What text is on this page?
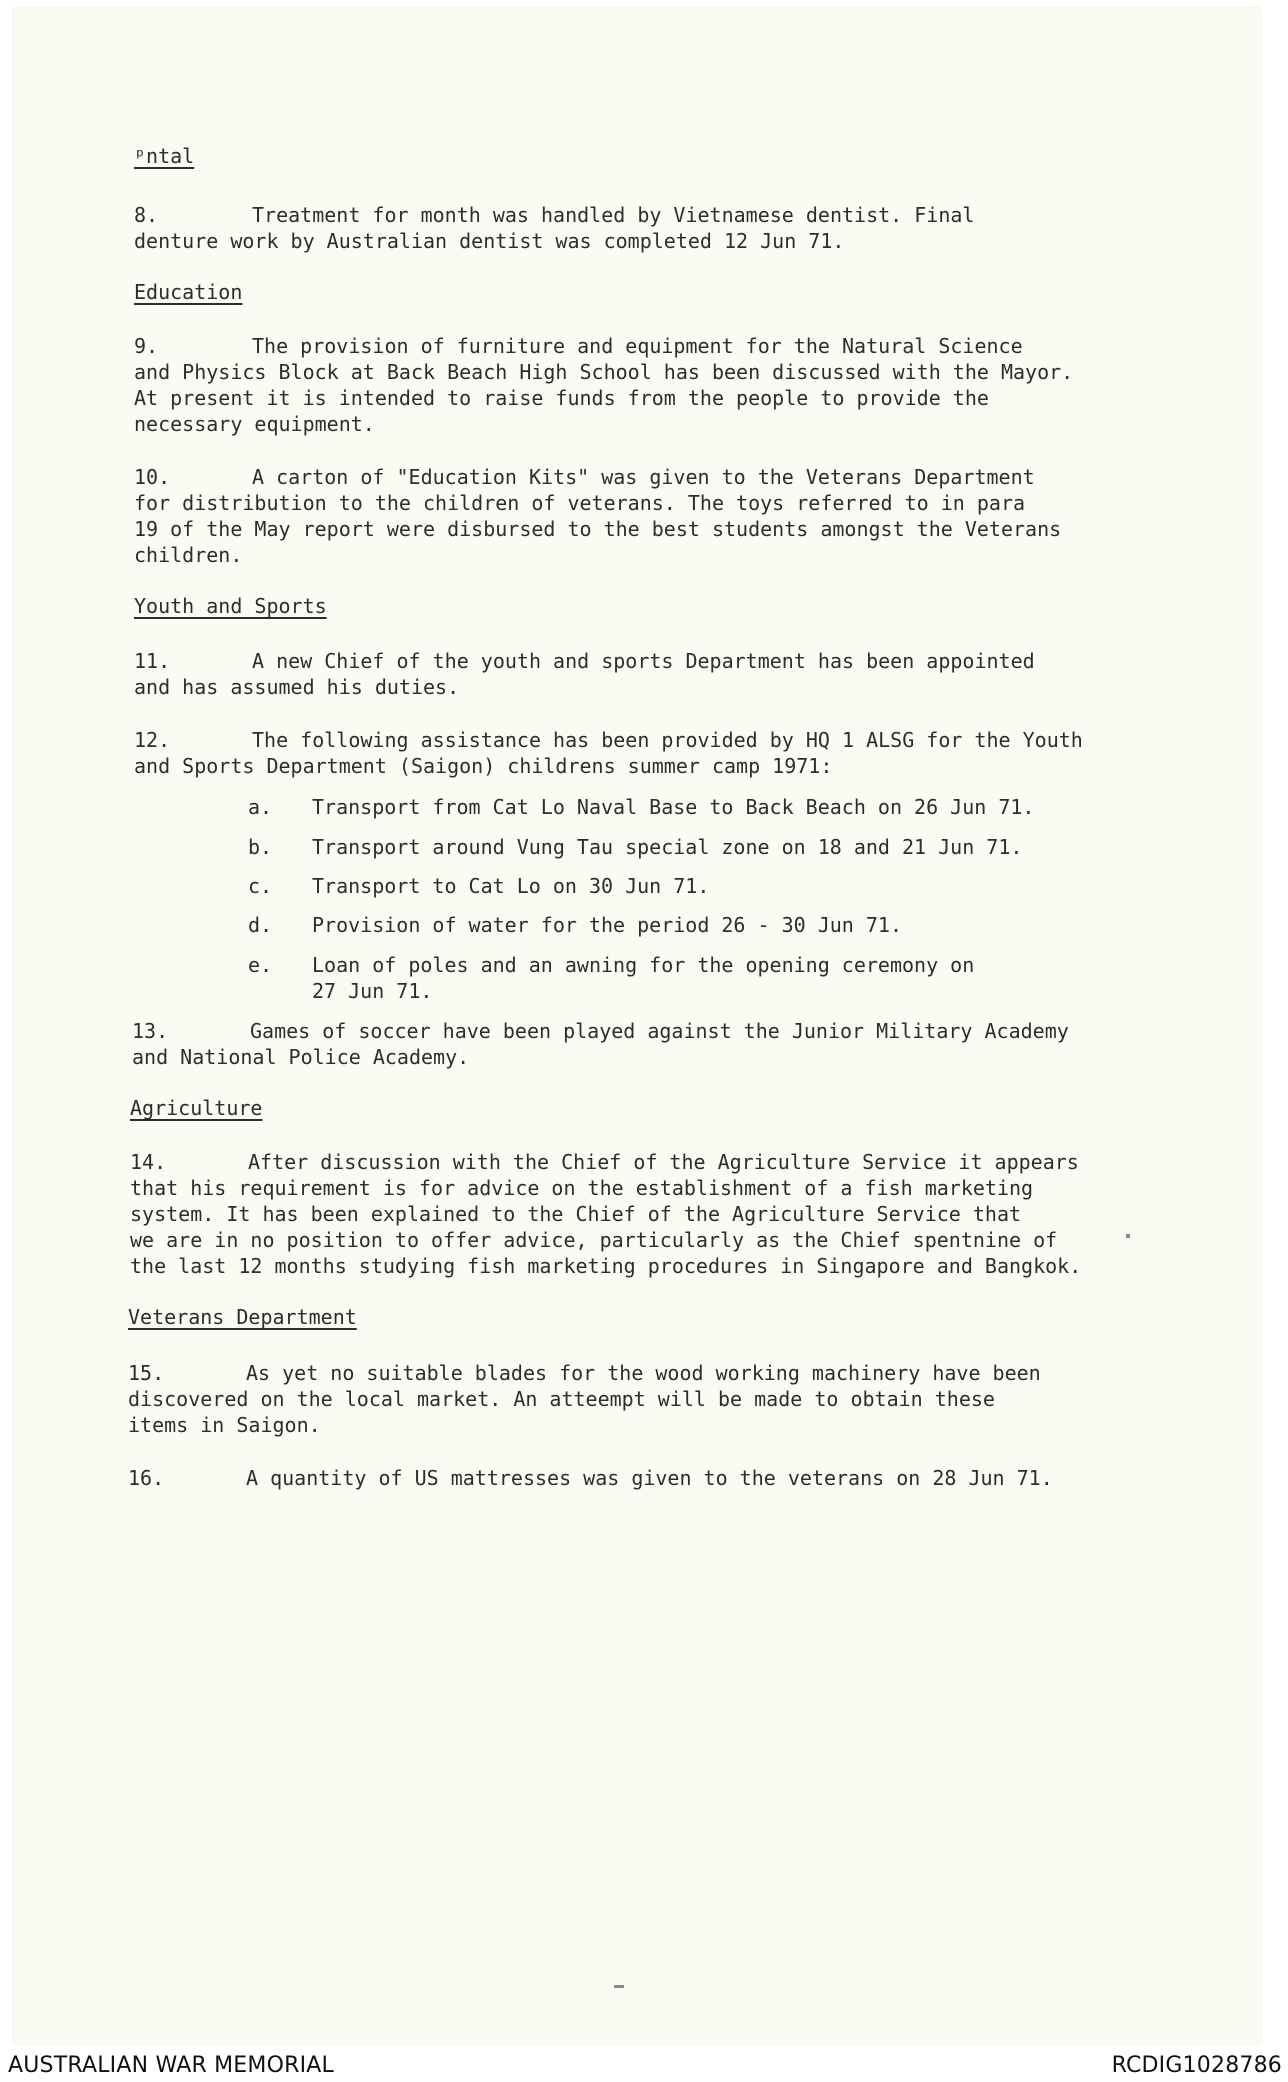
ᵖntal

8.	Treatment for month was handled by Vietnamese dentist. Final
denture work by Australian dentist was completed 12 Jun 71.

Education

9.	The provision of furniture and equipment for the Natural Science
and Physics Block at Back Beach High School has been discussed with the Mayor.
At present it is intended to raise funds from the people to provide the
necessary equipment.

10.	A carton of "Education Kits" was given to the Veterans Department
for distribution to the children of veterans. The toys referred to in para
19 of the May report were disbursed to the best students amongst the Veterans
children.

Youth and Sports

11.	A new Chief of the youth and sports Department has been appointed
and has assumed his duties.

12.	The following assistance has been provided by HQ 1 ALSG for the Youth
and Sports Department (Saigon) childrens summer camp 1971:

a. Transport from Cat Lo Naval Base to Back Beach on 26 Jun 71.
b. Transport around Vung Tau special zone on 18 and 21 Jun 71.
c. Transport to Cat Lo on 30 Jun 71.
d. Provision of water for the period 26 - 30 Jun 71.
e. Loan of poles and an awning for the opening ceremony on
27 Jun 71.

13.	Games of soccer have been played against the Junior Military Academy
and National Police Academy.

Agriculture

14.	After discussion with the Chief of the Agriculture Service it appears
that his requirement is for advice on the establishment of a fish marketing
system. It has been explained to the Chief of the Agriculture Service that
we are in no position to offer advice, particularly as the Chief spentnine of
the last 12 months studying fish marketing procedures in Singapore and Bangkok.

Veterans Department

15.	As yet no suitable blades for the wood working machinery have been
discovered on the local market. An atteempt will be made to obtain these
items in Saigon.

16.	A quantity of US mattresses was given to the veterans on 28 Jun 71.

AUSTRALIAN WAR MEMORIAL	RCDIG1028786
